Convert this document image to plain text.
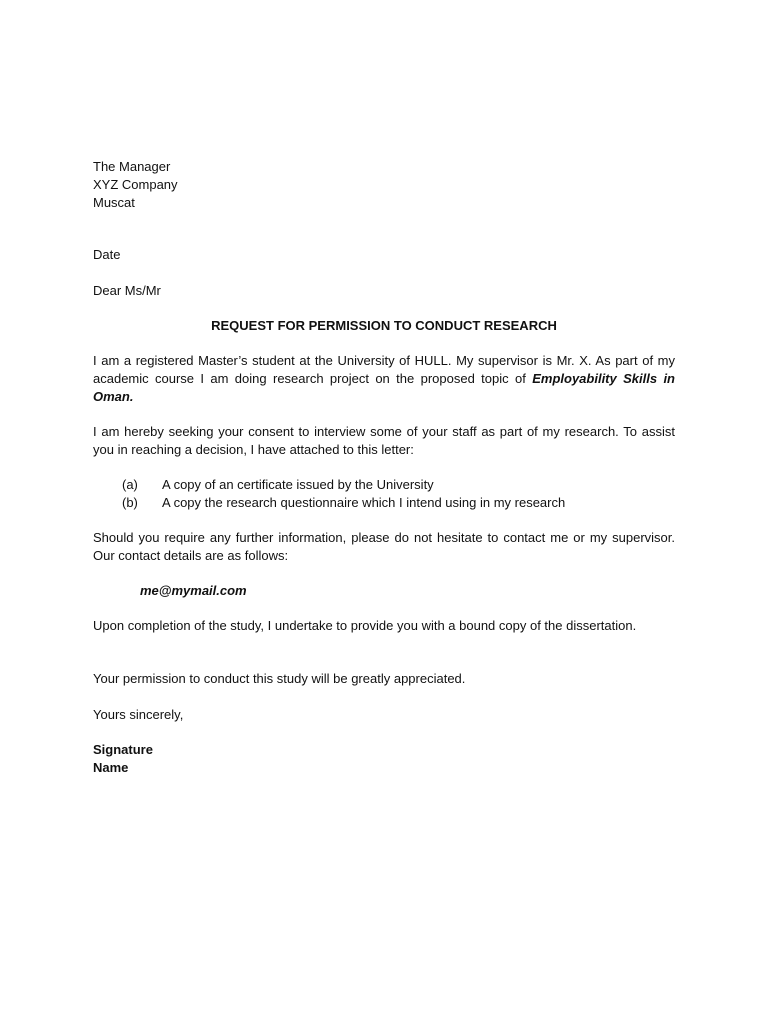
The Manager
XYZ Company
Muscat
Date
Dear Ms/Mr
REQUEST FOR PERMISSION TO CONDUCT RESEARCH
I am a registered Master’s student at the University of HULL. My supervisor is Mr. X. As part of my academic course I am doing research project on the proposed topic of Employability Skills in Oman.
I am hereby seeking your consent to interview some of your staff as part of my research. To assist you in reaching a decision, I have attached to this letter:
(a) A copy of an certificate issued by the University
(b) A copy the research questionnaire which I intend using in my research
Should you require any further information, please do not hesitate to contact me or my supervisor. Our contact details are as follows:
me@mymail.com
Upon completion of the study, I undertake to provide you with a bound copy of the dissertation.
Your permission to conduct this study will be greatly appreciated.
Yours sincerely,
Signature
Name
